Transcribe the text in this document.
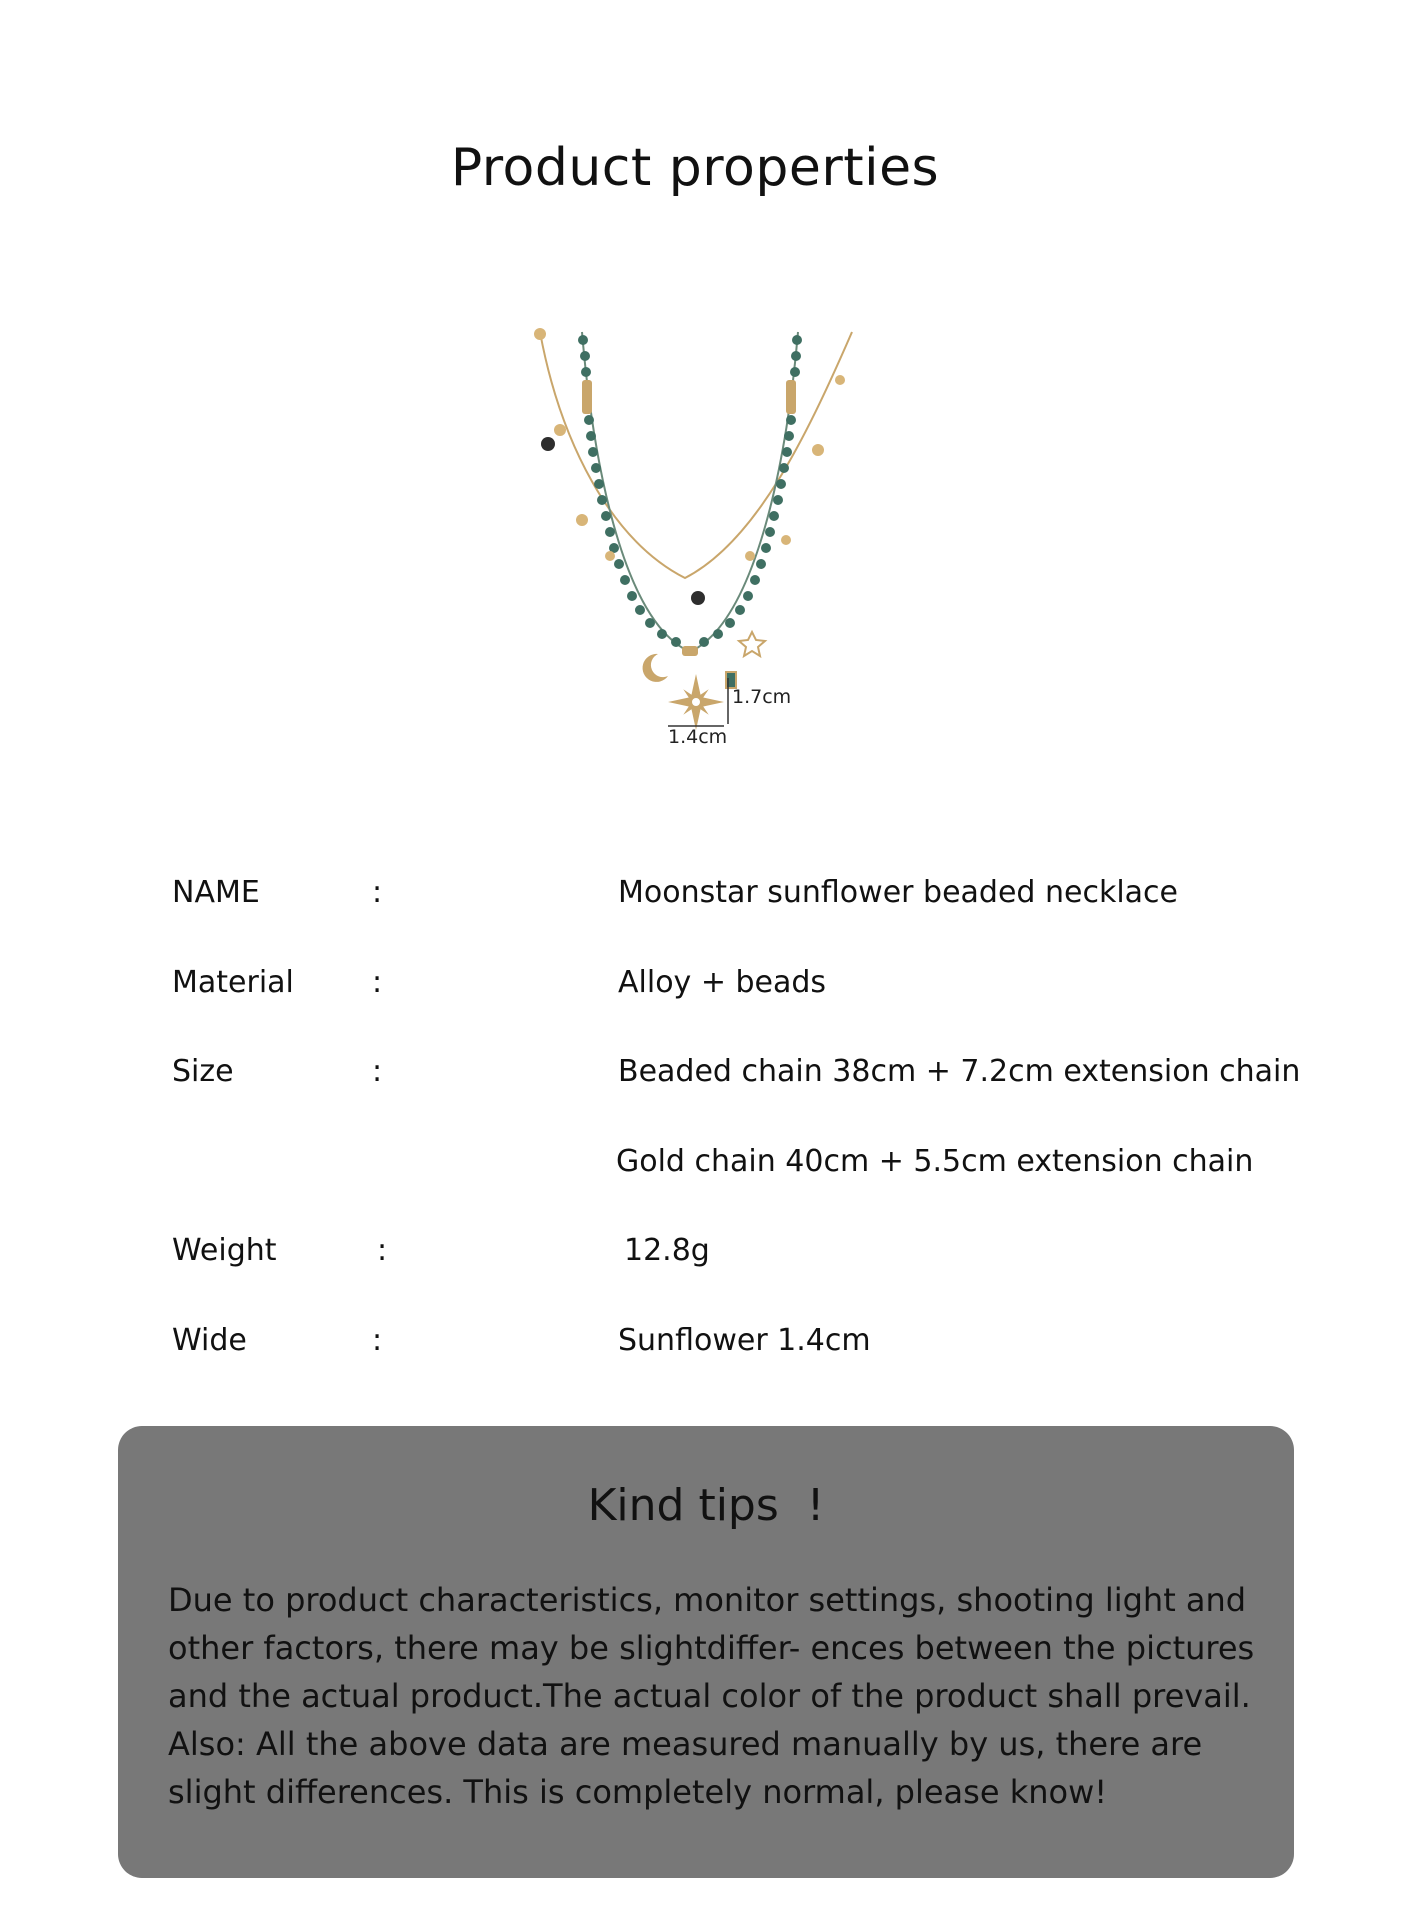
Product properties
1.7cm
1.4cm
NAME	:	Moonstar sunflower beaded necklace
Material	:	Alloy + beads
Size	:	Beaded chain 38cm + 7.2cm extension chain
Gold chain 40cm + 5.5cm extension chain
Weight	:	12.8g
Wide	:	Sunflower 1.4cm
Kind tips  !
Due to product characteristics, monitor settings, shooting light and other factors, there may be slightdiffer- ences between the pictures and the actual product.The actual color of the product shall prevail. Also: All the above data are measured manually by us, there are slight differences. This is completely normal, please know!
